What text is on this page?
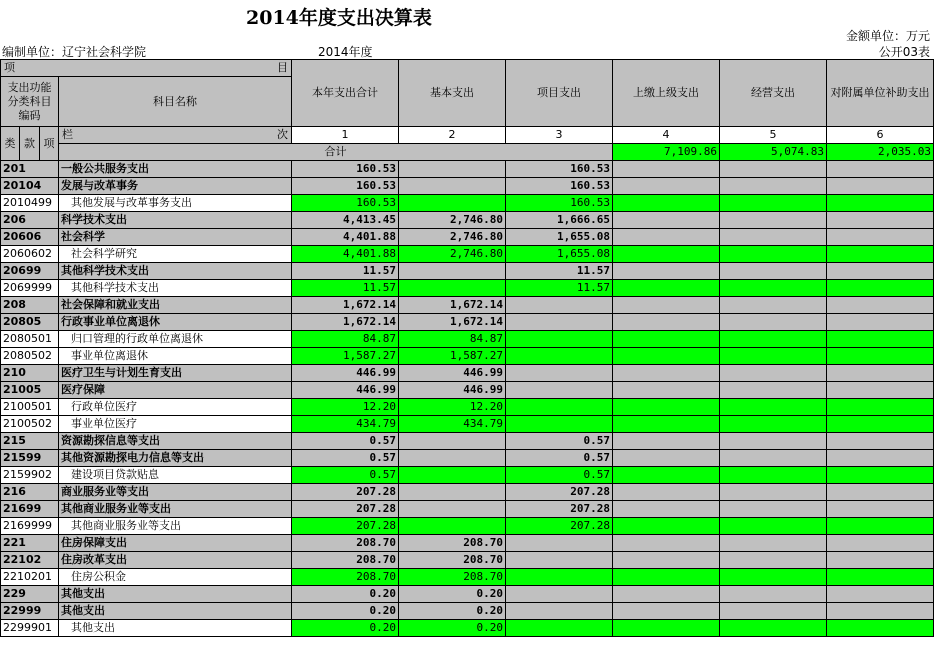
2014年度支出决算表
金额单位：万元
编制单位：辽宁社会科学院	2014年度	公开03表
项 目				本年支出合计	基本支出	项目支出	上缴上级支出	经营支出	对附属单位补助支出	
支出功能分类科目编码			科目名称							
类	款	项	栏 次	1	2	3	4	5	6	
			合计				7,109.86	5,074.83	2,035.03			
201			一般公共服务支出	160.53		160.53				
20104			发展与改革事务	160.53		160.53				
2010499			其他发展与改革事务支出	160.53		160.53				
206			科学技术支出	4,413.45	2,746.80	1,666.65				
20606			社会科学	4,401.88	2,746.80	1,655.08				
2060602			社会科学研究	4,401.88	2,746.80	1,655.08				
20699			其他科学技术支出	11.57		11.57				
2069999			其他科学技术支出	11.57		11.57				
208			社会保障和就业支出	1,672.14	1,672.14					
20805			行政事业单位离退休	1,672.14	1,672.14					
2080501			归口管理的行政单位离退休	84.87	84.87					
2080502			事业单位离退休	1,587.27	1,587.27					
210			医疗卫生与计划生育支出	446.99	446.99					
21005			医疗保障	446.99	446.99					
2100501			行政单位医疗	12.20	12.20					
2100502			事业单位医疗	434.79	434.79					
215			资源勘探信息等支出	0.57		0.57				
21599			其他资源勘探电力信息等支出	0.57		0.57				
2159902			建设项目贷款贴息	0.57		0.57				
216			商业服务业等支出	207.28		207.28				
21699			其他商业服务业等支出	207.28		207.28				
2169999			其他商业服务业等支出	207.28		207.28				
221			住房保障支出	208.70	208.70					
22102			住房改革支出	208.70	208.70					
2210201			住房公积金	208.70	208.70					
229			其他支出	0.20	0.20					
22999			其他支出	0.20	0.20					
2299901			其他支出	0.20	0.20					
